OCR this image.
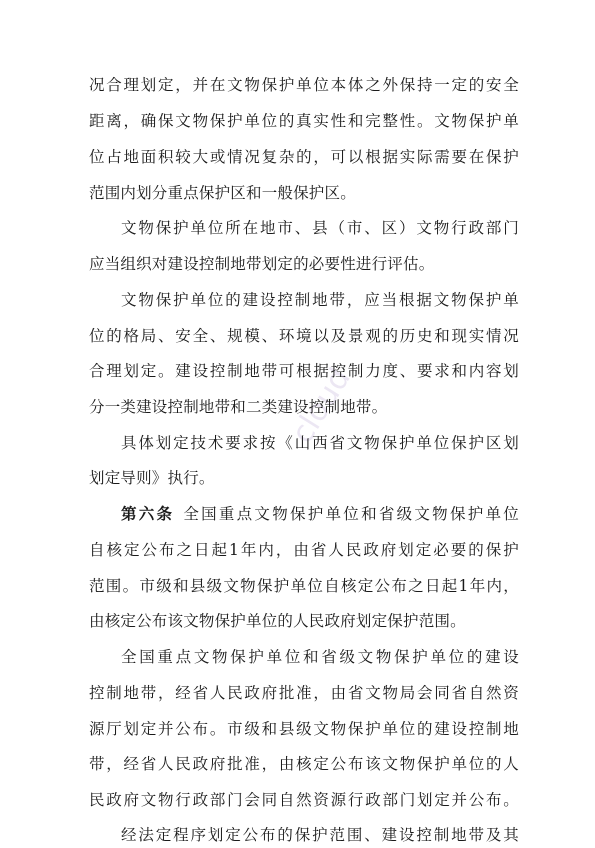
cloud
况合理划定，并在文物保护单位本体之外保持一定的安全
距离，确保文物保护单位的真实性和完整性。文物保护单
位占地面积较大或情况复杂的，可以根据实际需要在保护
范围内划分重点保护区和一般保护区。
文物保护单位所在地市、县（市、区）文物行政部门
应当组织对建设控制地带划定的必要性进行评估。
文物保护单位的建设控制地带，应当根据文物保护单
位的格局、安全、规模、环境以及景观的历史和现实情况
合理划定。建设控制地带可根据控制力度、要求和内容划
分一类建设控制地带和二类建设控制地带。
具体划定技术要求按《山西省文物保护单位保护区划
划定导则》执行。
第六条 全国重点文物保护单位和省级文物保护单位
自核定公布之日起1年内，由省人民政府划定必要的保护
范围。市级和县级文物保护单位自核定公布之日起1年内，
由核定公布该文物保护单位的人民政府划定保护范围。
全国重点文物保护单位和省级文物保护单位的建设
控制地带，经省人民政府批准，由省文物局会同省自然资
源厅划定并公布。市级和县级文物保护单位的建设控制地
带，经省人民政府批准，由核定公布该文物保护单位的人
民政府文物行政部门会同自然资源行政部门划定并公布。
经法定程序划定公布的保护范围、建设控制地带及其
